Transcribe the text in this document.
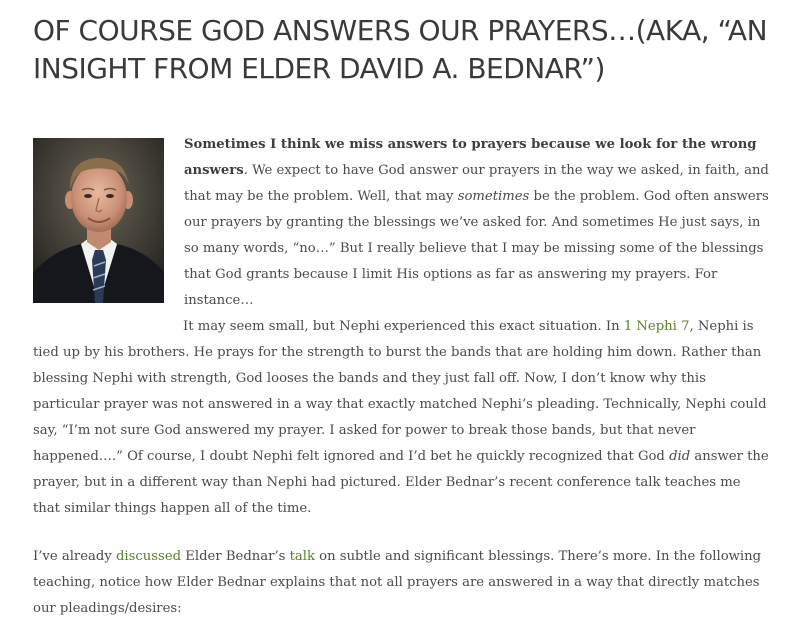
OF COURSE GOD ANSWERS OUR PRAYERS…(AKA, “AN INSIGHT FROM ELDER DAVID A. BEDNAR”)

Sometimes I think we miss answers to prayers because we look for the wrong answers. We expect to have God answer our prayers in the way we asked, in faith, and that may be the problem. Well, that may sometimes be the problem. God often answers our prayers by granting the blessings we’ve asked for. And sometimes He just says, in so many words, “no…” But I really believe that I may be missing some of the blessings that God grants because I limit His options as far as answering my prayers. For instance…

It may seem small, but Nephi experienced this exact situation. In 1 Nephi 7, Nephi is tied up by his brothers. He prays for the strength to burst the bands that are holding him down. Rather than blessing Nephi with strength, God looses the bands and they just fall off. Now, I don’t know why this particular prayer was not answered in a way that exactly matched Nephi’s pleading. Technically, Nephi could say, “I’m not sure God answered my prayer. I asked for power to break those bands, but that never happened….” Of course, I doubt Nephi felt ignored and I’d bet he quickly recognized that God did answer the prayer, but in a different way than Nephi had pictured. Elder Bednar’s recent conference talk teaches me that similar things happen all of the time.

I’ve already discussed Elder Bednar’s talk on subtle and significant blessings. There’s more. In the following teaching, notice how Elder Bednar explains that not all prayers are answered in a way that directly matches our pleadings/desires:
